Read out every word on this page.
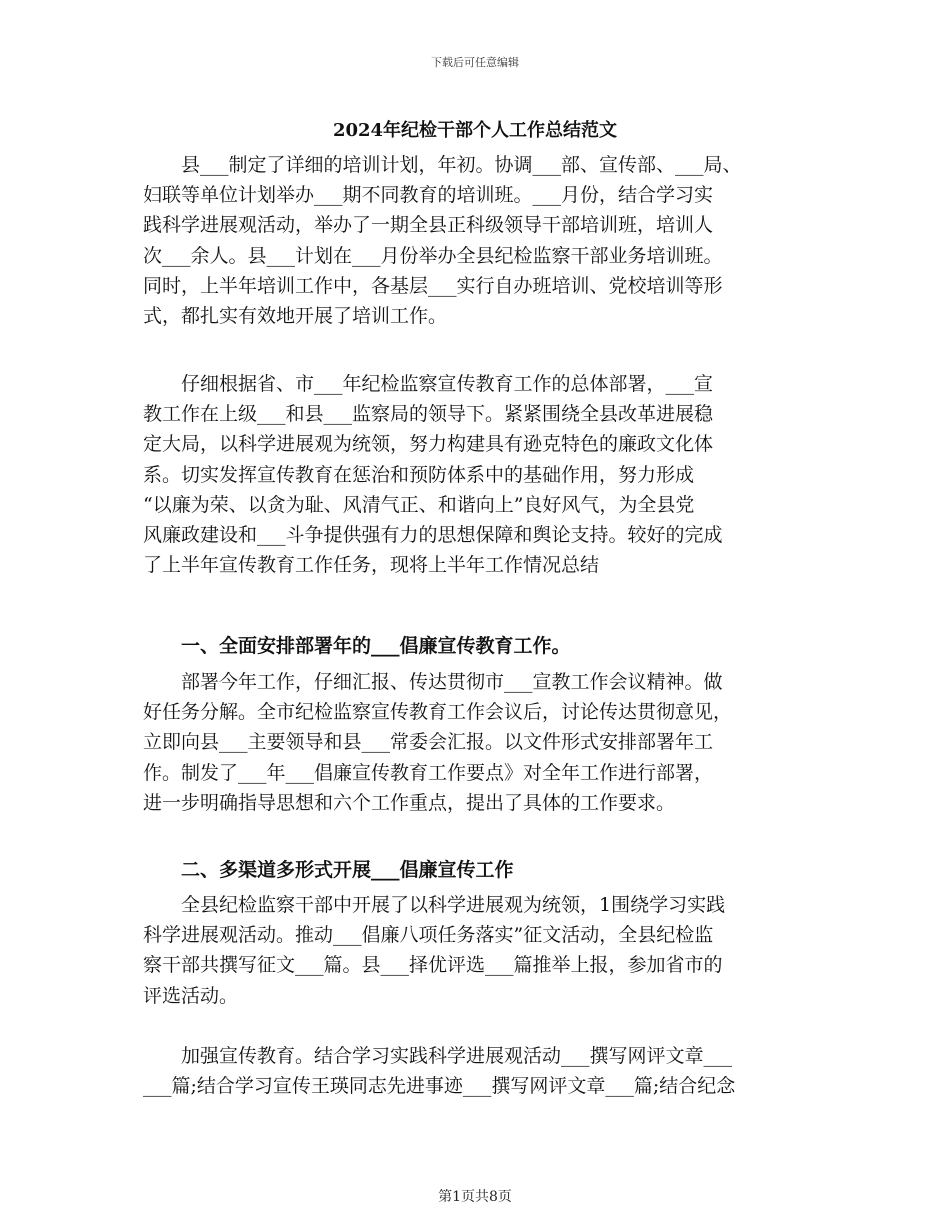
下载后可任意编辑
2024年纪检干部个人工作总结范文

　　县___制定了详细的培训计划，年初。协调___部、宣传部、___局、
妇联等单位计划举办___期不同教育的培训班。___月份，结合学习实
践科学进展观活动，举办了一期全县正科级领导干部培训班，培训人
次___余人。县___计划在___月份举办全县纪检监察干部业务培训班。
同时，上半年培训工作中，各基层___实行自办班培训、党校培训等形
式，都扎实有效地开展了培训工作。

　　仔细根据省、市___年纪检监察宣传教育工作的总体部署，___宣
教工作在上级___和县___监察局的领导下。紧紧围绕全县改革进展稳
定大局，以科学进展观为统领，努力构建具有逊克特色的廉政文化体
系。切实发挥宣传教育在惩治和预防体系中的基础作用，努力形成
“以廉为荣、以贪为耻、风清气正、和谐向上”良好风气，为全县党
风廉政建设和___斗争提供强有力的思想保障和舆论支持。较好的完成
了上半年宣传教育工作任务，现将上半年工作情况总结

　　一、全面安排部署年的___倡廉宣传教育工作。

　　部署今年工作，仔细汇报、传达贯彻市___宣教工作会议精神。做
好任务分解。全市纪检监察宣传教育工作会议后，讨论传达贯彻意见，
立即向县___主要领导和县___常委会汇报。以文件形式安排部署年工
作。制发了___年___倡廉宣传教育工作要点》对全年工作进行部署，
进一步明确指导思想和六个工作重点，提出了具体的工作要求。

　　二、多渠道多形式开展___倡廉宣传工作

　　全县纪检监察干部中开展了以科学进展观为统领，1围绕学习实践
科学进展观活动。推动___倡廉八项任务落实”征文活动，全县纪检监
察干部共撰写征文___篇。县___择优评选___篇推举上报，参加省市的
评选活动。

　　加强宣传教育。结合学习实践科学进展观活动___撰写网评文章___
___篇;结合学习宣传王瑛同志先进事迹___撰写网评文章___篇;结合纪念

第1页共8页
